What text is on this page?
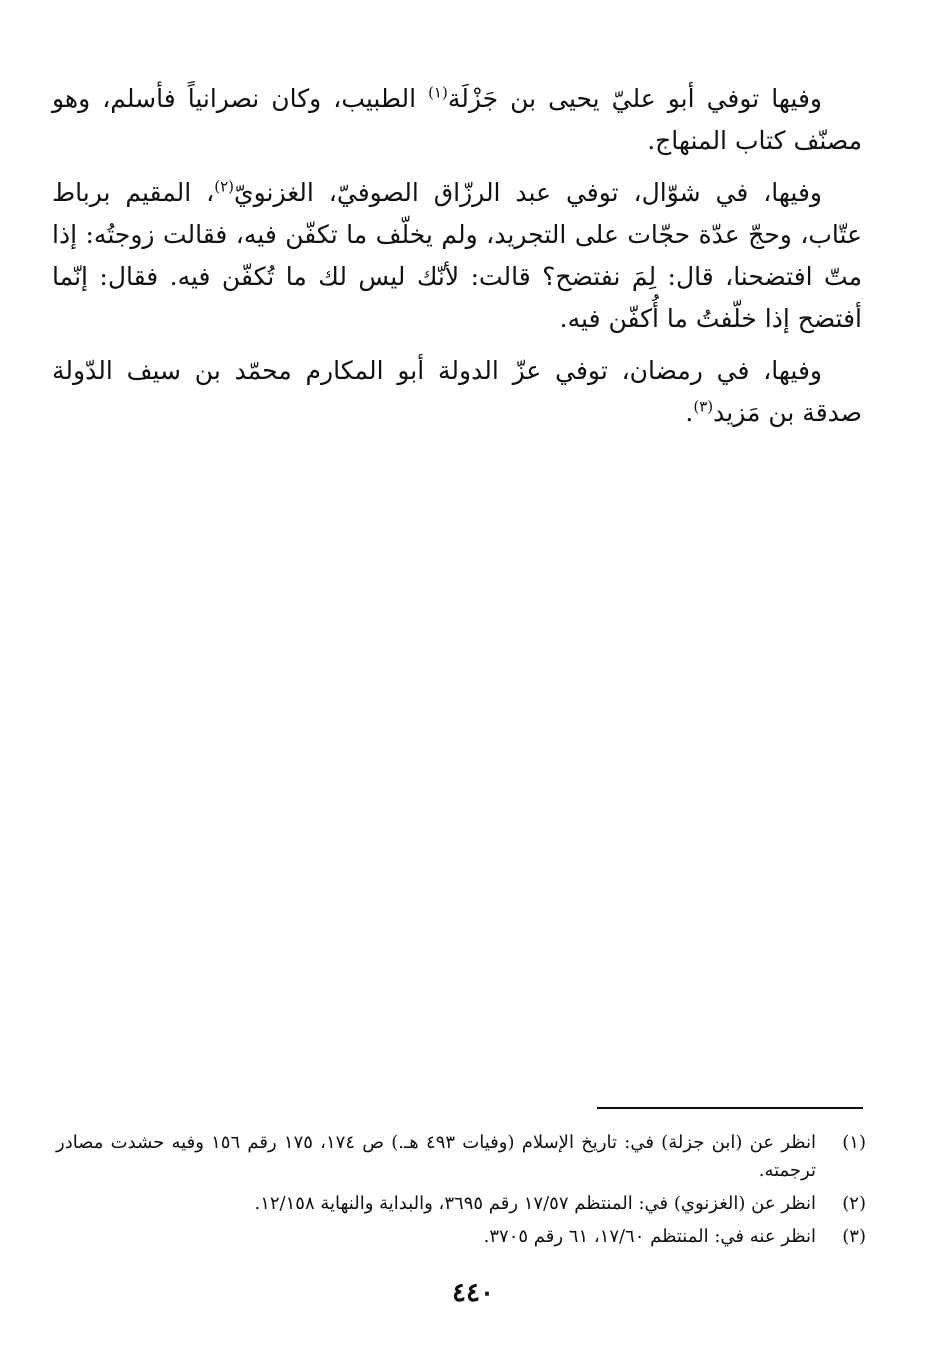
وفيها توفي أبو عليّ يحيى بن جَزْلَة$^{(١)}$ الطبيب، وكان نصرانياً فأسلم، وهو مصنّف كتاب المنهاج.

وفيها، في شوّال، توفي عبد الرزّاق الصوفيّ، الغزنويّ$^{(٢)}$، المقيم برباط عتّاب، وحجّ عدّة حجّات على التجريد، ولم يخلّف ما تكفّن فيه، فقالت زوجتُه: إذا متّ افتضحنا، قال: لِمَ نفتضح؟ قالت: لأنّك ليس لك ما تُكفّن فيه. فقال: إنّما أفتضح إذا خلّفتُ ما أُكفّن فيه.

وفيها، في رمضان، توفي عزّ الدولة أبو المكارم محمّد بن سيف الدّولة صدقة بن مَزيد$^{(٣)}$.

(١)
انظر عن (ابن جزلة) في: تاريخ الإسلام (وفيات ٤٩٣ هـ.) ص ١٧٤، ١٧٥ رقم ١٥٦ وفيه حشدت مصادر ترجمته.
(٢)
انظر عن (الغزنوي) في: المنتظم ١٧/٥٧ رقم ٣٦٩٥، والبداية والنهاية ١٢/١٥٨.
(٣)
انظر عنه في: المنتظم ١٧/٦٠، ٦١ رقم ٣٧٠٥.
٤٤٠
